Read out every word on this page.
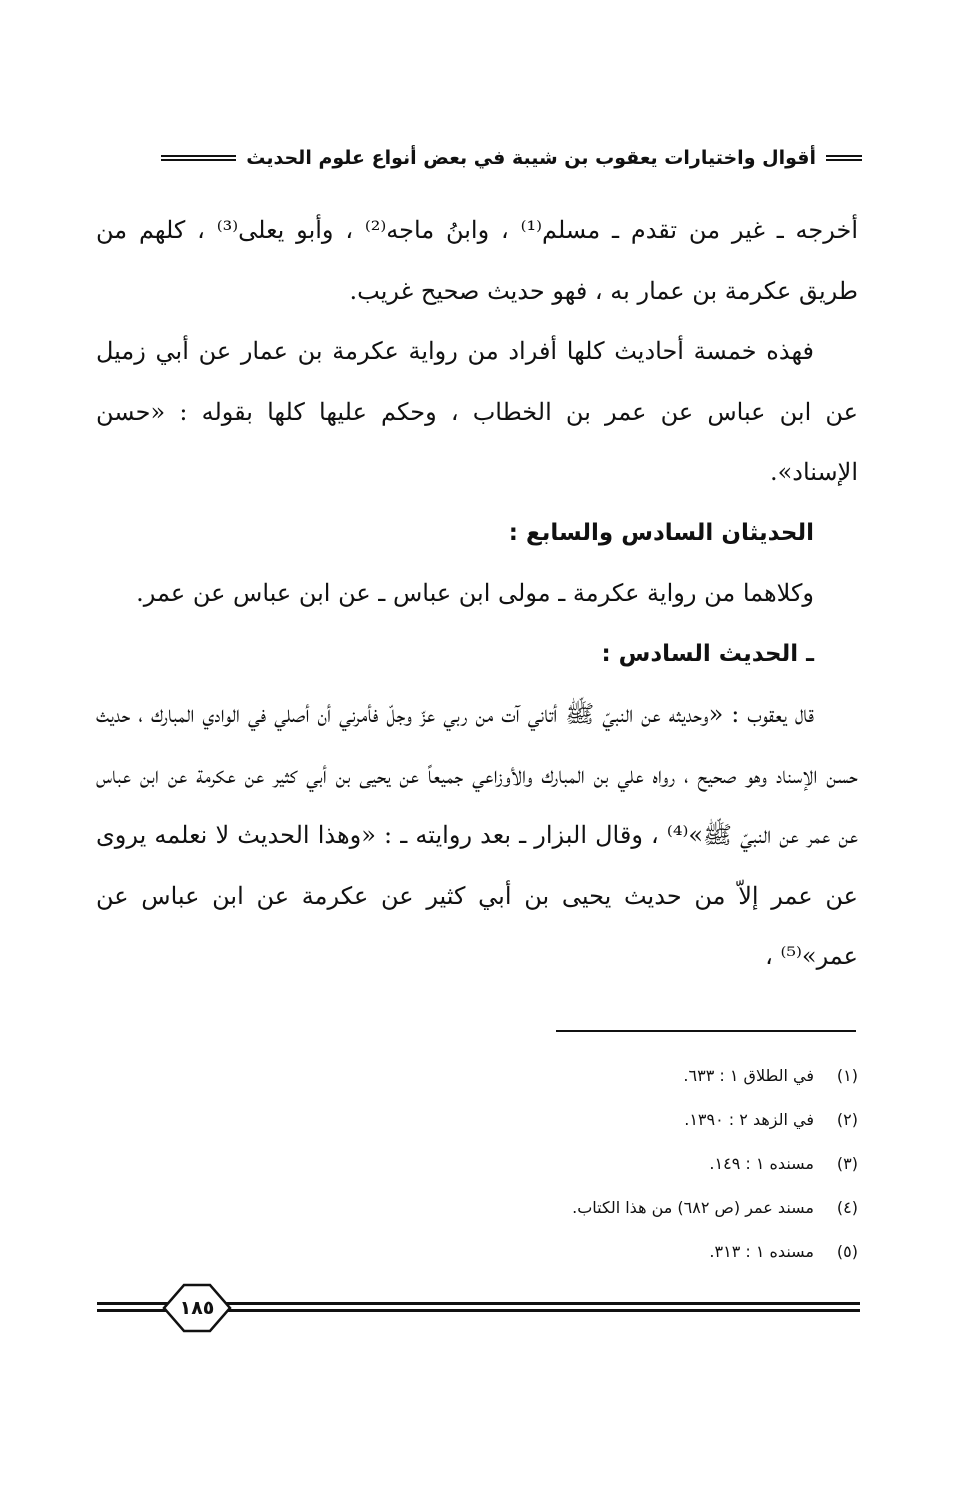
أقوال واختيارات يعقوب بن شيبة في بعض أنواع علوم الحديث

أخرجه ـ غير من تقدم ـ مسلم⁽¹⁾ ، وابنُ ماجه⁽²⁾ ، وأبو يعلى⁽³⁾ ، كلهم من طريق عكرمة بن عمار به ، فهو حديث صحيح غريب.

فهذه خمسة أحاديث كلها أفراد من رواية عكرمة بن عمار عن أبي زميل عن ابن عباس عن عمر بن الخطاب ، وحكم عليها كلها بقوله : «حسن الإسناد».

الحديثان السادس والسابع :

وكلاهما من رواية عكرمة ـ مولى ابن عباس ـ عن ابن عباس عن عمر.

ـ الحديث السادس :

قال يعقوب : «وحديثه عن النبيّ ﷺ أتاني آت من ربي عزّ وجلّ فأمرني أن أصلي في الوادي المبارك ، حديث حسن الإسناد وهو صحيح ، رواه علي بن المبارك والأوزاعي جميعاً عن يحيى بن أبي كثير عن عكرمة عن ابن عباس عن عمر عن النبيّ ﷺ»⁽⁴⁾ ، وقال البزار ـ بعد روايته ـ : «وهذا الحديث لا نعلمه يروى عن عمر إلاّ من حديث يحيى بن أبي كثير عن عكرمة عن ابن عباس عن عمر»⁽⁵⁾ ،

(١)
في الطلاق ١ : ٦٣٣.
(٢)
في الزهد ٢ : ١٣٩٠.
(٣)
مسنده ١ : ١٤٩.
(٤)
مسند عمر (ص ٦٨٢) من هذا الكتاب.
(٥)
مسنده ١ : ٣١٣.
١٨٥
